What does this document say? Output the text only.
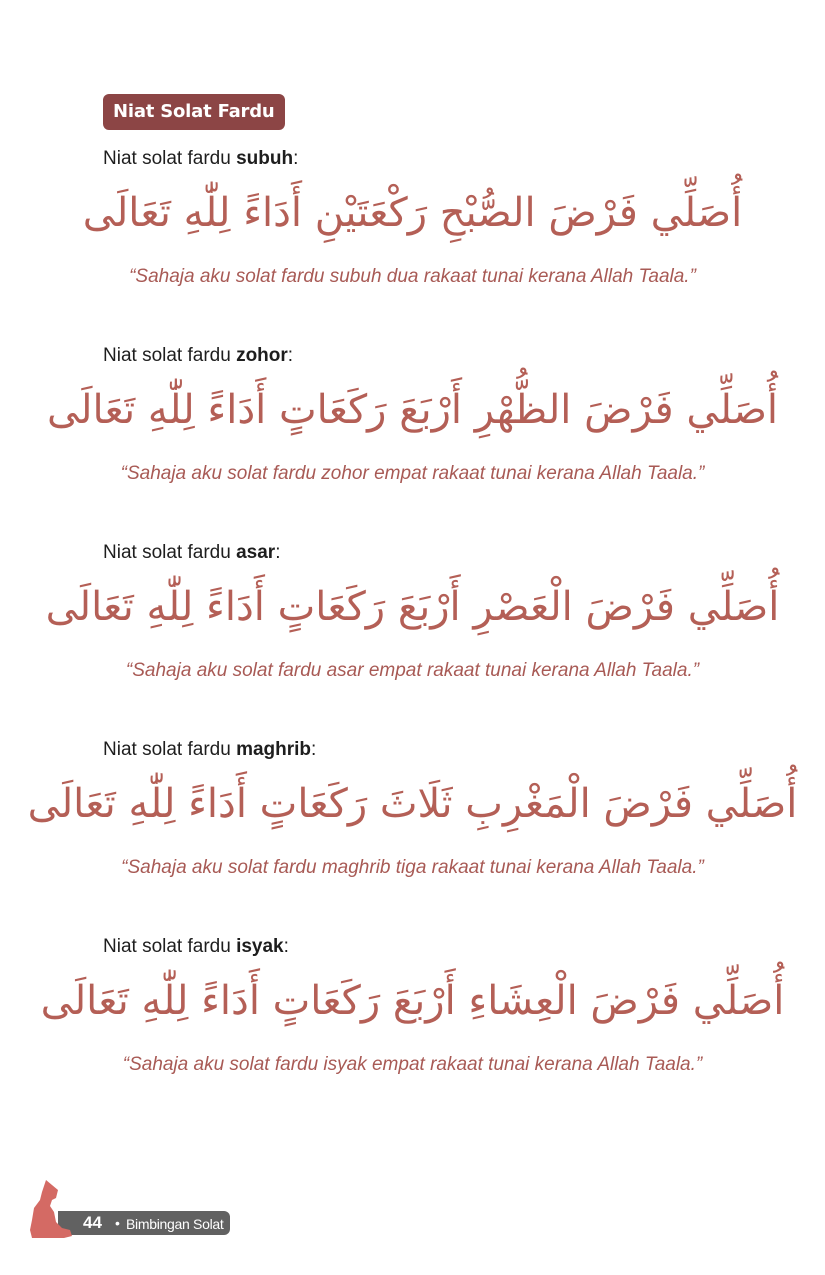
Niat Solat Fardu
Niat solat fardu subuh:
أُصَلِّي فَرْضَ الصُّبْحِ رَكْعَتَيْنِ أَدَاءً لِلّٰهِ تَعَالَى
“Sahaja aku solat fardu subuh dua rakaat tunai kerana Allah Taala.”
Niat solat fardu zohor:
أُصَلِّي فَرْضَ الظُّهْرِ أَرْبَعَ رَكَعَاتٍ أَدَاءً لِلّٰهِ تَعَالَى
“Sahaja aku solat fardu zohor empat rakaat tunai kerana Allah Taala.”
Niat solat fardu asar:
أُصَلِّي فَرْضَ الْعَصْرِ أَرْبَعَ رَكَعَاتٍ أَدَاءً لِلّٰهِ تَعَالَى
“Sahaja aku solat fardu asar empat rakaat tunai kerana Allah Taala.”
Niat solat fardu maghrib:
أُصَلِّي فَرْضَ الْمَغْرِبِ ثَلَاثَ رَكَعَاتٍ أَدَاءً لِلّٰهِ تَعَالَى
“Sahaja aku solat fardu maghrib tiga rakaat tunai kerana Allah Taala.”
Niat solat fardu isyak:
أُصَلِّي فَرْضَ الْعِشَاءِ أَرْبَعَ رَكَعَاتٍ أَدَاءً لِلّٰهِ تَعَالَى
“Sahaja aku solat fardu isyak empat rakaat tunai kerana Allah Taala.”
44 • Bimbingan Solat
